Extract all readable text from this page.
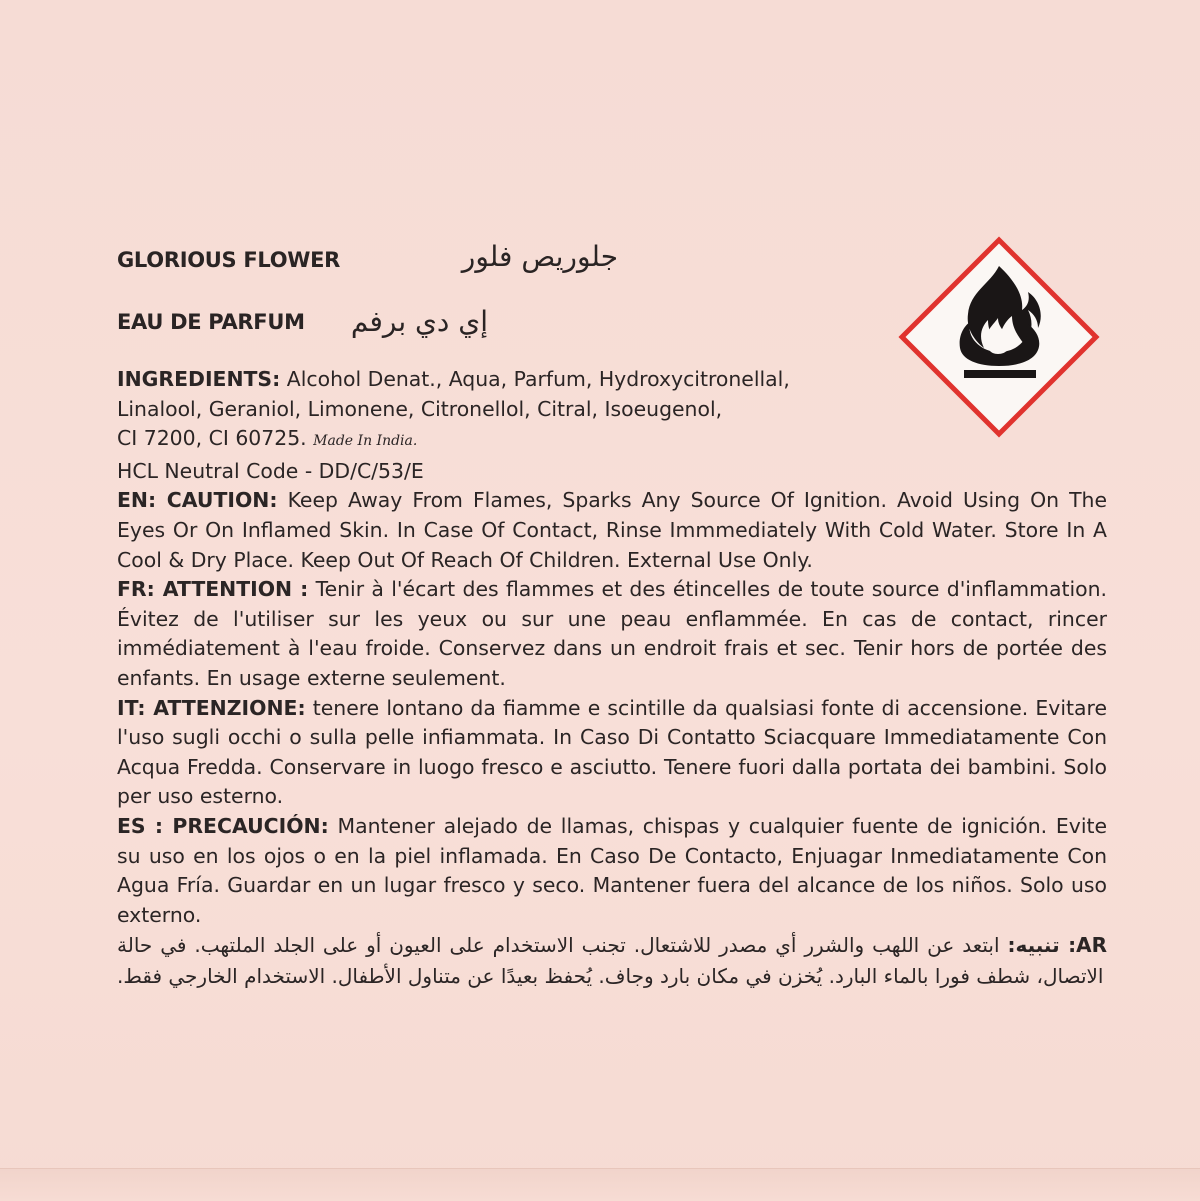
GLORIOUS FLOWER	جلوريص فلور
EAU DE PARFUM إي دي برفم

INGREDIENTS: Alcohol Denat., Aqua, Parfum, Hydroxycitronellal,

Linalool, Geraniol, Limonene, Citronellol, Citral, Isoeugenol,

CI 7200, CI 60725. Made In India.

HCL Neutral Code - DD/C/53/E

EN: CAUTION: Keep Away From Flames, Sparks Any Source Of Ignition. Avoid Using On The Eyes Or On Inflamed Skin. In Case Of Contact, Rinse Immmediately With Cold Water. Store In A Cool & Dry Place. Keep Out Of Reach Of Children. External Use Only.

FR: ATTENTION : Tenir à l'écart des flammes et des étincelles de toute source d'inflammation. Évitez de l'utiliser sur les yeux ou sur une peau enflammée. En cas de contact, rincer immédiatement à l'eau froide. Conservez dans un endroit frais et sec. Tenir hors de portée des enfants. En usage externe seulement.

IT: ATTENZIONE: tenere lontano da fiamme e scintille da qualsiasi fonte di accensione. Evitare l'uso sugli occhi o sulla pelle infiammata. In Caso Di Contatto Sciacquare Immediatamente Con Acqua Fredda. Conservare in luogo fresco e asciutto. Tenere fuori dalla portata dei bambini. Solo per uso esterno.

ES : PRECAUCIÓN: Mantener alejado de llamas, chispas y cualquier fuente de ignición. Evite su uso en los ojos o en la piel inflamada. En Caso De Contacto, Enjuagar Inmediatamente Con Agua Fría. Guardar en un lugar fresco y seco. Mantener fuera del alcance de los niños. Solo uso externo.

AR: تنبيه: ابتعد عن اللهب والشرر أي مصدر للاشتعال. تجنب الاستخدام على العيون أو على الجلد الملتهب. في حالة الاتصال، شطف فورا بالماء البارد. يُخزن في مكان بارد وجاف. يُحفظ بعيدًا عن متناول الأطفال. الاستخدام الخارجي فقط.
